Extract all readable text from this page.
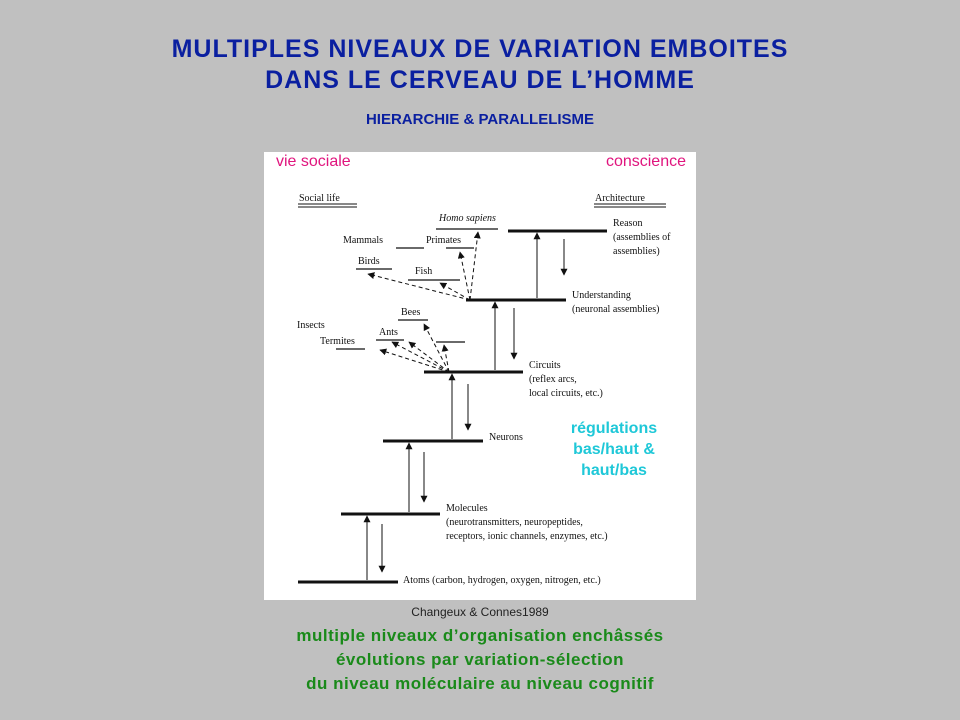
MULTIPLES NIVEAUX DE VARIATION EMBOITES
DANS LE CERVEAU DE L’HOMME
HIERARCHIE & PARALLELISME
Social life	Architecture
Atoms (carbon, hydrogen, oxygen, nitrogen, etc.)
Molecules
(neurotransmitters, neuropeptides,
receptors, ionic channels, enzymes, etc.)
Neurons
Circuits
(reflex arcs,
local circuits, etc.)
Understanding
(neuronal assemblies)
Reason
(assemblies of
assemblies)
Insects
Termites
Ants
Bees
Mammals
Birds
Fish
Primates
Homo sapiens
vie sociale	conscience
régulations
bas/haut &
haut/bas
Changeux & Connes1989
multiple niveaux d’organisation enchâssés
évolutions par variation-sélection
du niveau moléculaire au niveau cognitif
